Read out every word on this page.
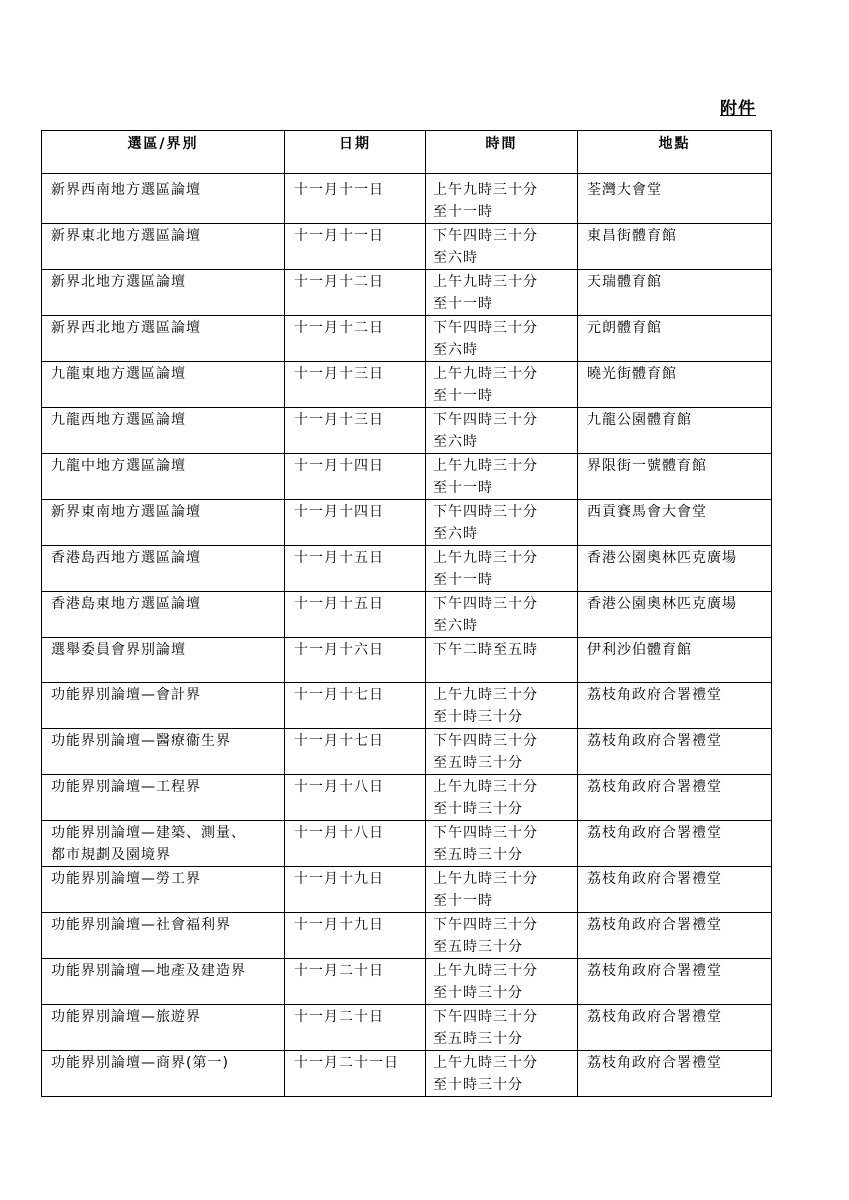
附件
選區/界別	日期	時間	地點

新界西南地方選區論壇	十一月十一日	上午九時三十分
至十一時	荃灣大會堂

新界東北地方選區論壇	十一月十一日	下午四時三十分
至六時	東昌街體育館

新界北地方選區論壇	十一月十二日	上午九時三十分
至十一時	天瑞體育館

新界西北地方選區論壇	十一月十二日	下午四時三十分
至六時	元朗體育館

九龍東地方選區論壇	十一月十三日	上午九時三十分
至十一時	曉光街體育館

九龍西地方選區論壇	十一月十三日	下午四時三十分
至六時	九龍公園體育館

九龍中地方選區論壇	十一月十四日	上午九時三十分
至十一時	界限街一號體育館

新界東南地方選區論壇	十一月十四日	下午四時三十分
至六時	西貢賽馬會大會堂

香港島西地方選區論壇	十一月十五日	上午九時三十分
至十一時	香港公園奧林匹克廣場

香港島東地方選區論壇	十一月十五日	下午四時三十分
至六時	香港公園奧林匹克廣場

選舉委員會界別論壇	十一月十六日	下午二時至五時	伊利沙伯體育館

功能界別論壇—會計界	十一月十七日	上午九時三十分
至十時三十分	荔枝角政府合署禮堂

功能界別論壇—醫療衞生界	十一月十七日	下午四時三十分
至五時三十分	荔枝角政府合署禮堂

功能界別論壇—工程界	十一月十八日	上午九時三十分
至十時三十分	荔枝角政府合署禮堂

功能界別論壇—建築、測量、
都市規劃及園境界	十一月十八日	下午四時三十分
至五時三十分	荔枝角政府合署禮堂

功能界別論壇—勞工界	十一月十九日	上午九時三十分
至十一時	荔枝角政府合署禮堂

功能界別論壇—社會福利界	十一月十九日	下午四時三十分
至五時三十分	荔枝角政府合署禮堂

功能界別論壇—地產及建造界	十一月二十日	上午九時三十分
至十時三十分	荔枝角政府合署禮堂

功能界別論壇—旅遊界	十一月二十日	下午四時三十分
至五時三十分	荔枝角政府合署禮堂

功能界別論壇—商界(第一)	十一月二十一日	上午九時三十分
至十時三十分	荔枝角政府合署禮堂
